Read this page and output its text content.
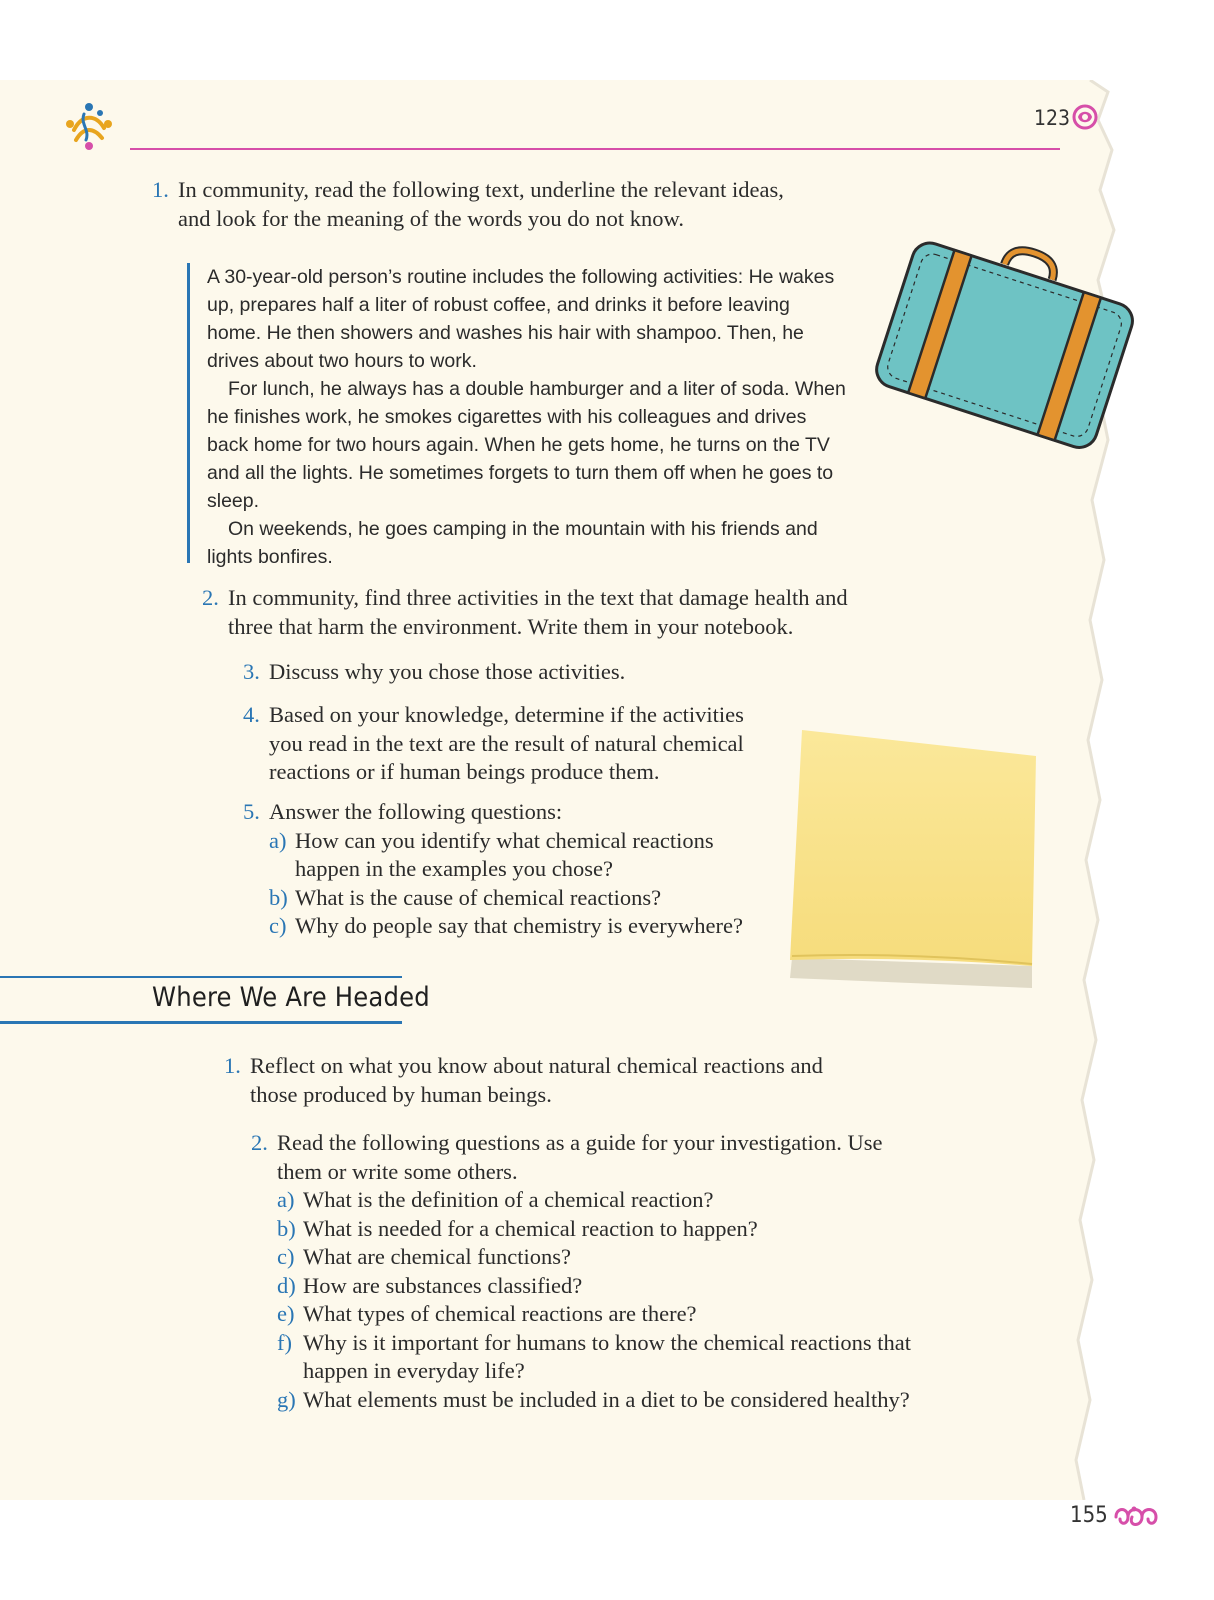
123
1. In community, read the following text, underline the relevant ideas, and look for the meaning of the words you do not know.

A 30-year-old person’s routine includes the following activities: He wakes up, prepares half a liter of robust coffee, and drinks it before leaving home. He then showers and washes his hair with shampoo. Then, he drives about two hours to work.

For lunch, he always has a double hamburger and a liter of soda. When he finishes work, he smokes cigarettes with his colleagues and drives back home for two hours again. When he gets home, he turns on the TV and all the lights. He sometimes forgets to turn them off when he goes to sleep.

On weekends, he goes camping in the mountain with his friends and lights bonfires.

2. In community, find three activities in the text that damage health and three that harm the environment. Write them in your notebook.
3. Discuss why you chose those activities.
4. Based on your knowledge, determine if the activities you read in the text are the result of natural chemical reactions or if human beings produce them.
5. Answer the following questions:
a) How can you identify what chemical reactions happen in the examples you chose?
b) What is the cause of chemical reactions?
c) Why do people say that chemistry is everywhere?
Where We Are Headed
1. Reflect on what you know about natural chemical reactions and those produced by human beings.
2. Read the following questions as a guide for your investigation. Use them or write some others.
a) What is the definition of a chemical reaction?
b) What is needed for a chemical reaction to happen?
c) What are chemical functions?
d) How are substances classified?
e) What types of chemical reactions are there?
f) Why is it important for humans to know the chemical reactions that happen in everyday life?
g) What elements must be included in a diet to be considered healthy?
155
